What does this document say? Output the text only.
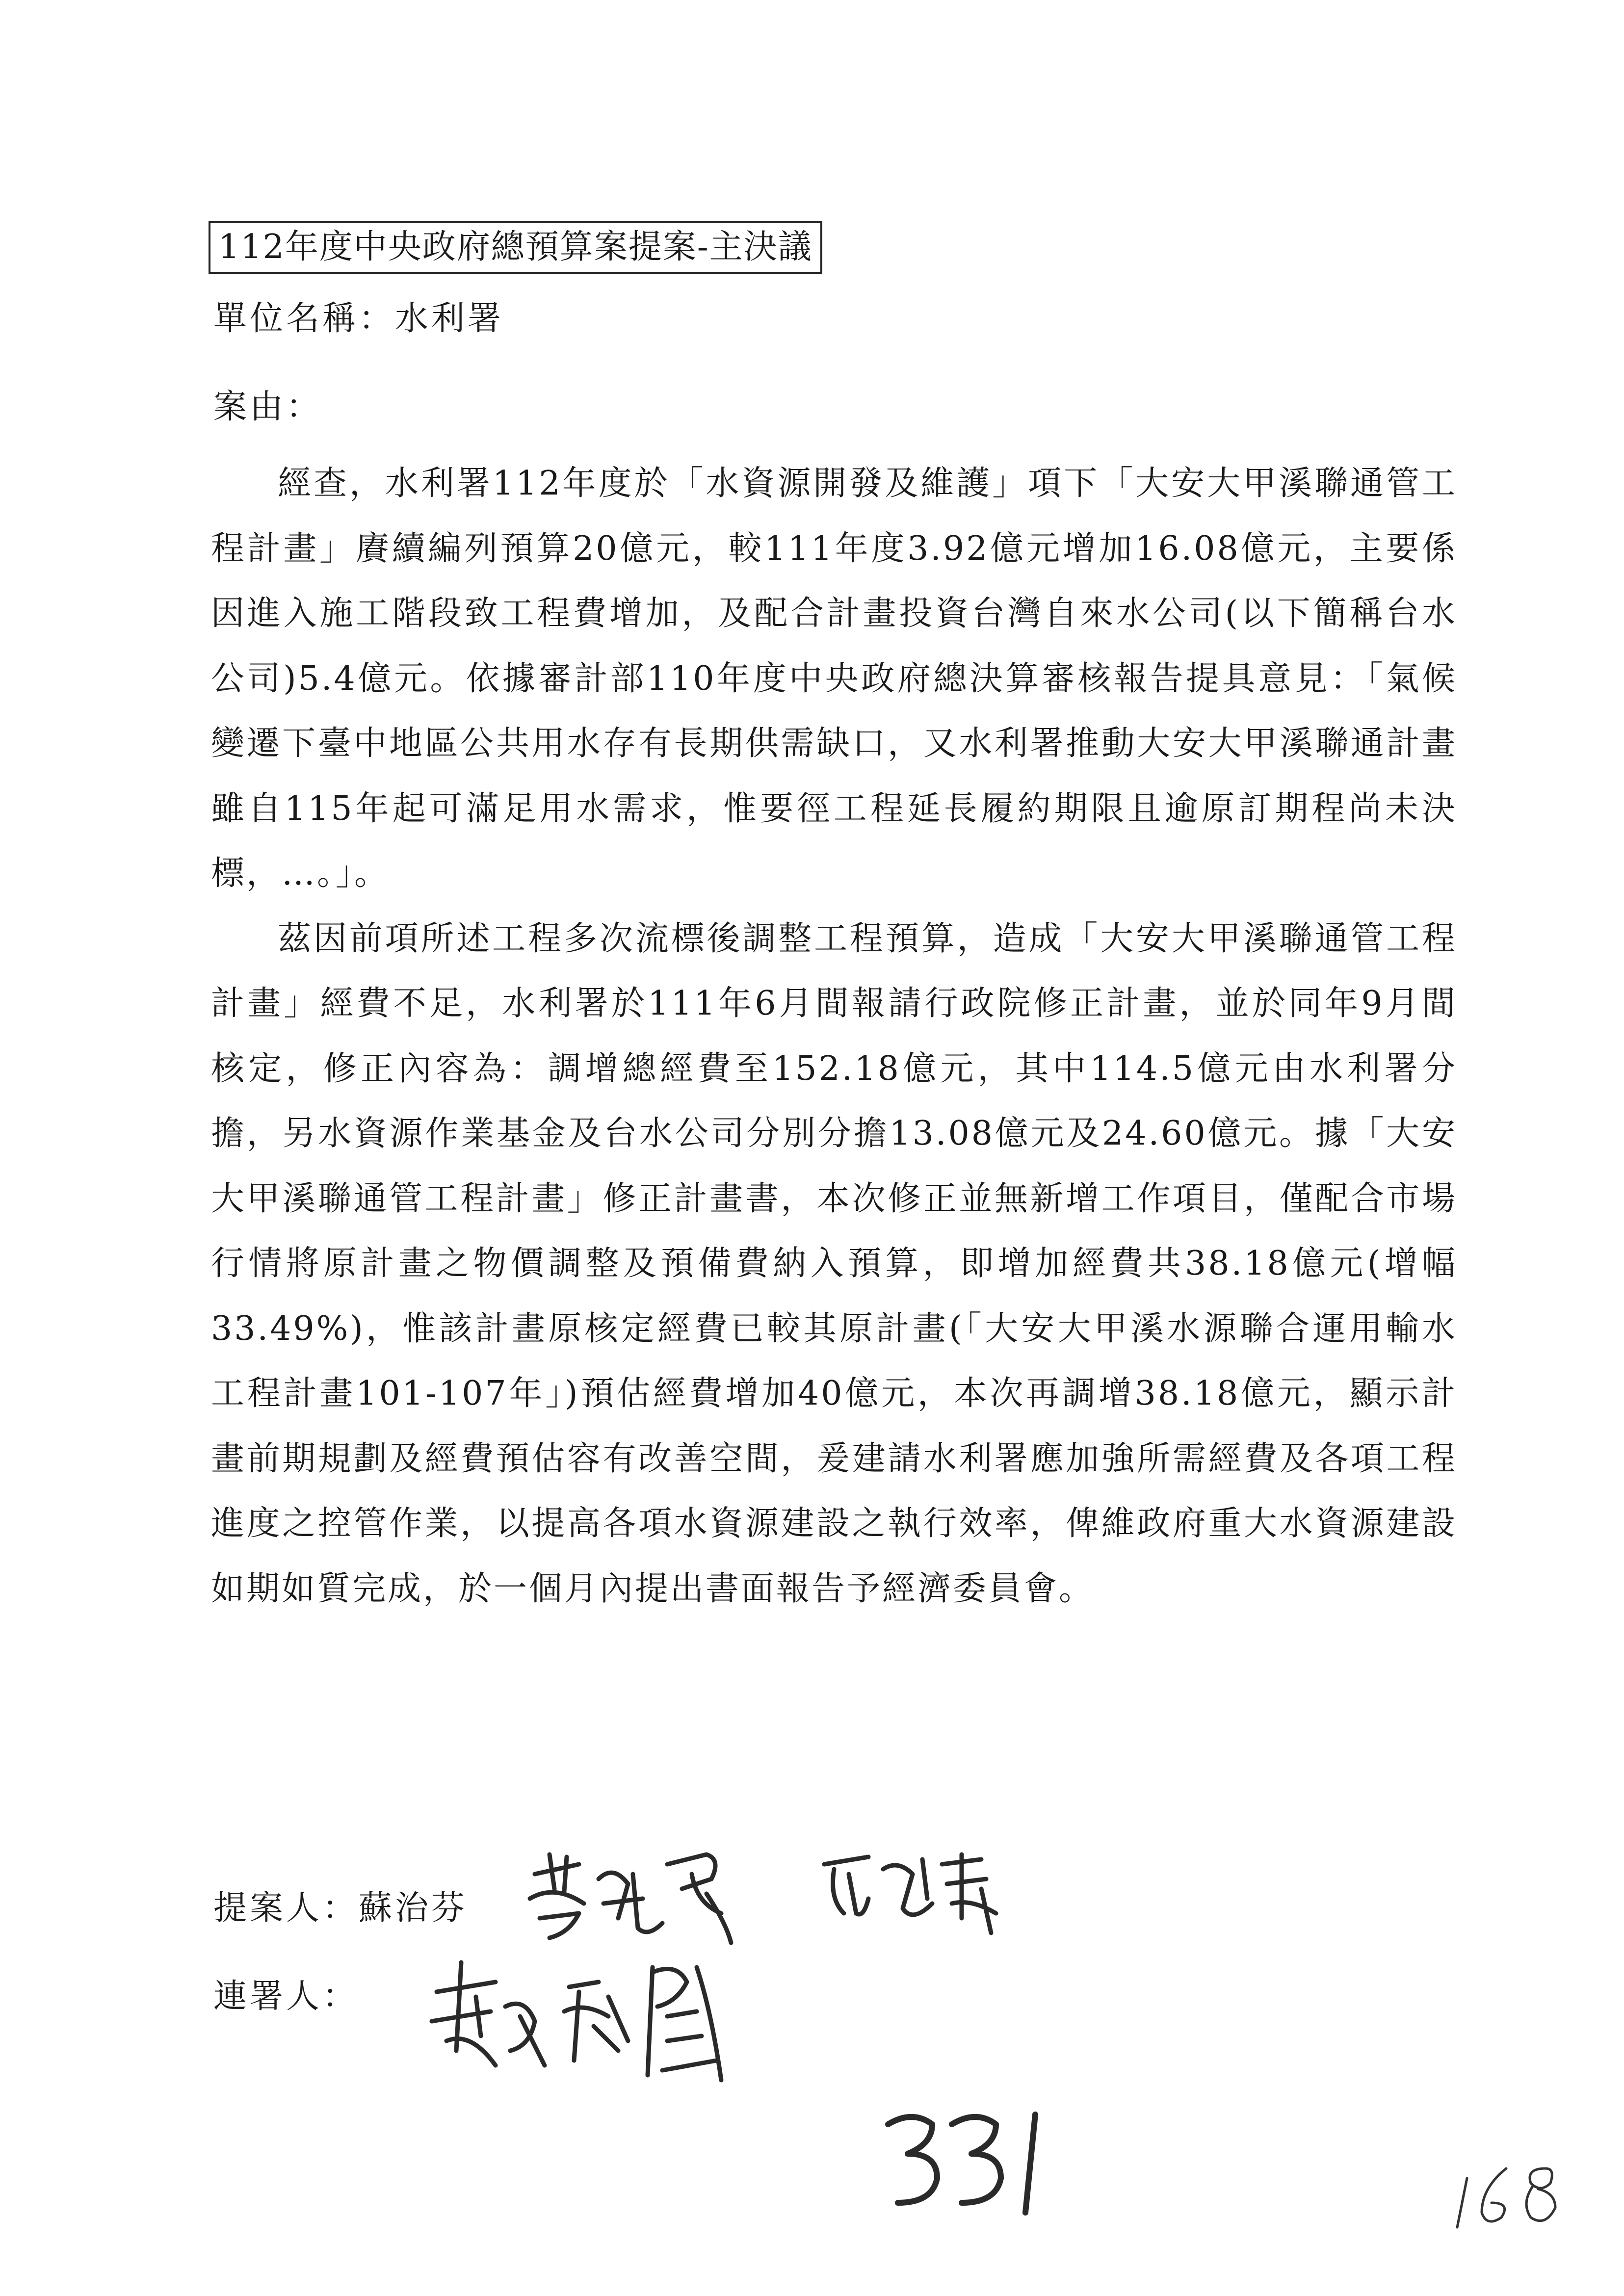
112年度中央政府總預算案提案-主決議
單位名稱：水利署
案由：

經查，水利署112年度於「水資源開發及維護」項下「大安大甲溪聯通管工程計畫」賡續編列預算20億元，較111年度3.92億元增加16.08億元，主要係因進入施工階段致工程費增加，及配合計畫投資台灣自來水公司(以下簡稱台水公司)5.4億元。依據審計部110年度中央政府總決算審核報告提具意見：「氣候變遷下臺中地區公共用水存有長期供需缺口，又水利署推動大安大甲溪聯通計畫雖自115年起可滿足用水需求，惟要徑工程延長履約期限且逾原訂期程尚未決標，…。」。

茲因前項所述工程多次流標後調整工程預算，造成「大安大甲溪聯通管工程計畫」經費不足，水利署於111年6月間報請行政院修正計畫，並於同年9月間核定，修正內容為：調增總經費至152.18億元，其中114.5億元由水利署分擔，另水資源作業基金及台水公司分別分擔13.08億元及24.60億元。據「大安大甲溪聯通管工程計畫」修正計畫書，本次修正並無新增工作項目，僅配合市場行情將原計畫之物價調整及預備費納入預算，即增加經費共38.18億元(增幅33.49%)，惟該計畫原核定經費已較其原計畫(「大安大甲溪水源聯合運用輸水工程計畫101-107年」)預估經費增加40億元，本次再調增38.18億元，顯示計畫前期規劃及經費預估容有改善空間，爰建請水利署應加強所需經費及各項工程進度之控管作業，以提高各項水資源建設之執行效率，俾維政府重大水資源建設如期如質完成，於一個月內提出書面報告予經濟委員會。

提案人：蘇治芬
連署人：
